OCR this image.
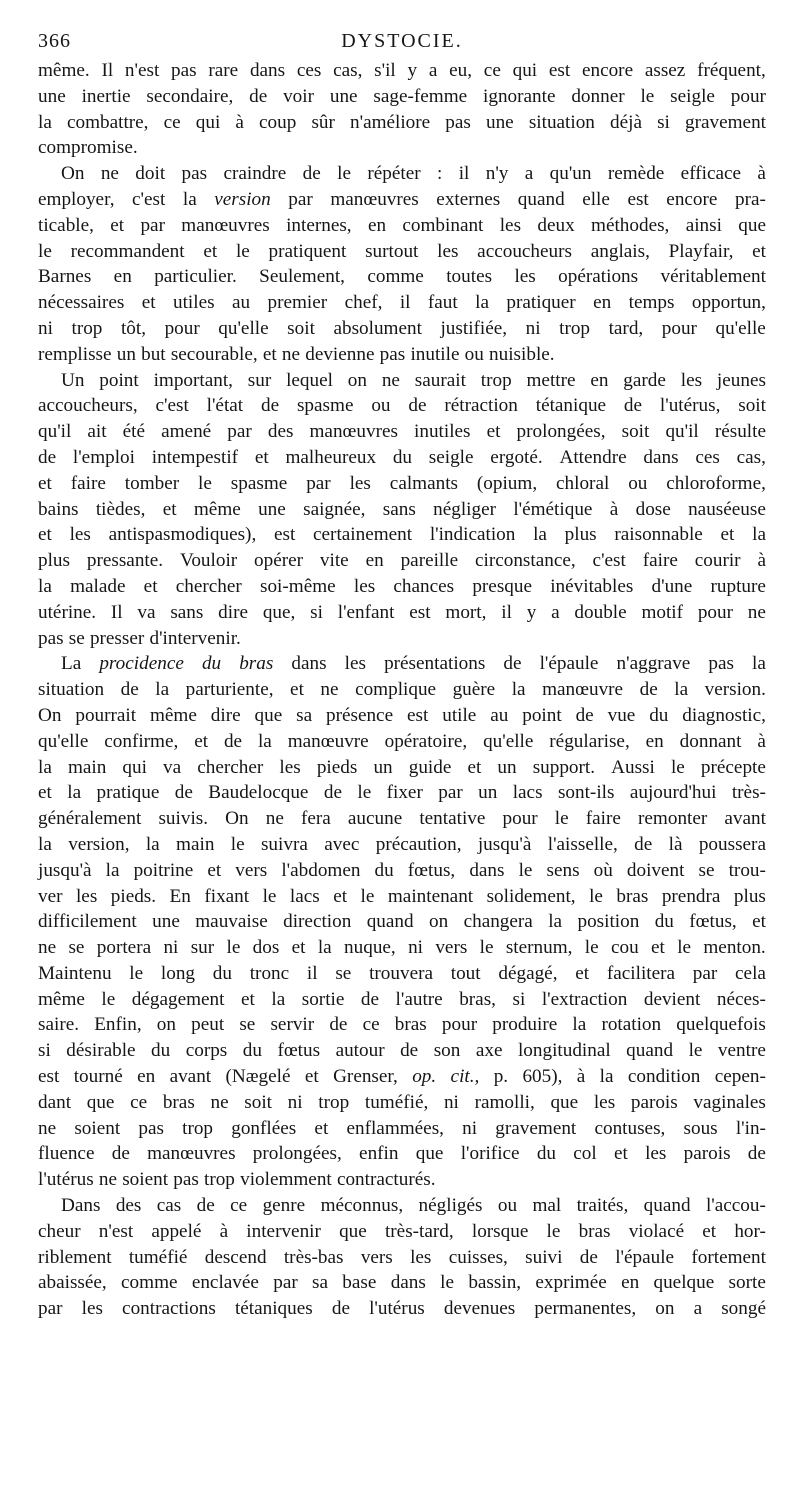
366	DYSTOCIE.
même. Il n'est pas rare dans ces cas, s'il y a eu, ce qui est encore assez fréquent,
une inertie secondaire, de voir une sage-femme ignorante donner le seigle pour
la combattre, ce qui à coup sûr n'améliore pas une situation déjà si gravement
compromise.
On ne doit pas craindre de le répéter : il n'y a qu'un remède efficace à
employer, c'est la version par manœuvres externes quand elle est encore pra-
ticable, et par manœuvres internes, en combinant les deux méthodes, ainsi que
le recommandent et le pratiquent surtout les accoucheurs anglais, Playfair, et
Barnes en particulier. Seulement, comme toutes les opérations véritablement
nécessaires et utiles au premier chef, il faut la pratiquer en temps opportun,
ni trop tôt, pour qu'elle soit absolument justifiée, ni trop tard, pour qu'elle
remplisse un but secourable, et ne devienne pas inutile ou nuisible.
Un point important, sur lequel on ne saurait trop mettre en garde les jeunes
accoucheurs, c'est l'état de spasme ou de rétraction tétanique de l'utérus, soit
qu'il ait été amené par des manœuvres inutiles et prolongées, soit qu'il résulte
de l'emploi intempestif et malheureux du seigle ergoté. Attendre dans ces cas,
et faire tomber le spasme par les calmants (opium, chloral ou chloroforme,
bains tièdes, et même une saignée, sans négliger l'émétique à dose nauséeuse
et les antispasmodiques), est certainement l'indication la plus raisonnable et la
plus pressante. Vouloir opérer vite en pareille circonstance, c'est faire courir à
la malade et chercher soi-même les chances presque inévitables d'une rupture
utérine. Il va sans dire que, si l'enfant est mort, il y a double motif pour ne
pas se presser d'intervenir.
La procidence du bras dans les présentations de l'épaule n'aggrave pas la
situation de la parturiente, et ne complique guère la manœuvre de la version.
On pourrait même dire que sa présence est utile au point de vue du diagnostic,
qu'elle confirme, et de la manœuvre opératoire, qu'elle régularise, en donnant à
la main qui va chercher les pieds un guide et un support. Aussi le précepte
et la pratique de Baudelocque de le fixer par un lacs sont-ils aujourd'hui très-
généralement suivis. On ne fera aucune tentative pour le faire remonter avant
la version, la main le suivra avec précaution, jusqu'à l'aisselle, de là poussera
jusqu'à la poitrine et vers l'abdomen du fœtus, dans le sens où doivent se trou-
ver les pieds. En fixant le lacs et le maintenant solidement, le bras prendra plus
difficilement une mauvaise direction quand on changera la position du fœtus, et
ne se portera ni sur le dos et la nuque, ni vers le sternum, le cou et le menton.
Maintenu le long du tronc il se trouvera tout dégagé, et facilitera par cela
même le dégagement et la sortie de l'autre bras, si l'extraction devient néces-
saire. Enfin, on peut se servir de ce bras pour produire la rotation quelquefois
si désirable du corps du fœtus autour de son axe longitudinal quand le ventre
est tourné en avant (Nægelé et Grenser, op. cit., p. 605), à la condition cepen-
dant que ce bras ne soit ni trop tuméfié, ni ramolli, que les parois vaginales
ne soient pas trop gonflées et enflammées, ni gravement contuses, sous l'in-
fluence de manœuvres prolongées, enfin que l'orifice du col et les parois de
l'utérus ne soient pas trop violemment contracturés.
Dans des cas de ce genre méconnus, négligés ou mal traités, quand l'accou-
cheur n'est appelé à intervenir que très-tard, lorsque le bras violacé et hor-
riblement tuméfié descend très-bas vers les cuisses, suivi de l'épaule fortement
abaissée, comme enclavée par sa base dans le bassin, exprimée en quelque sorte
par les contractions tétaniques de l'utérus devenues permanentes, on a songé
